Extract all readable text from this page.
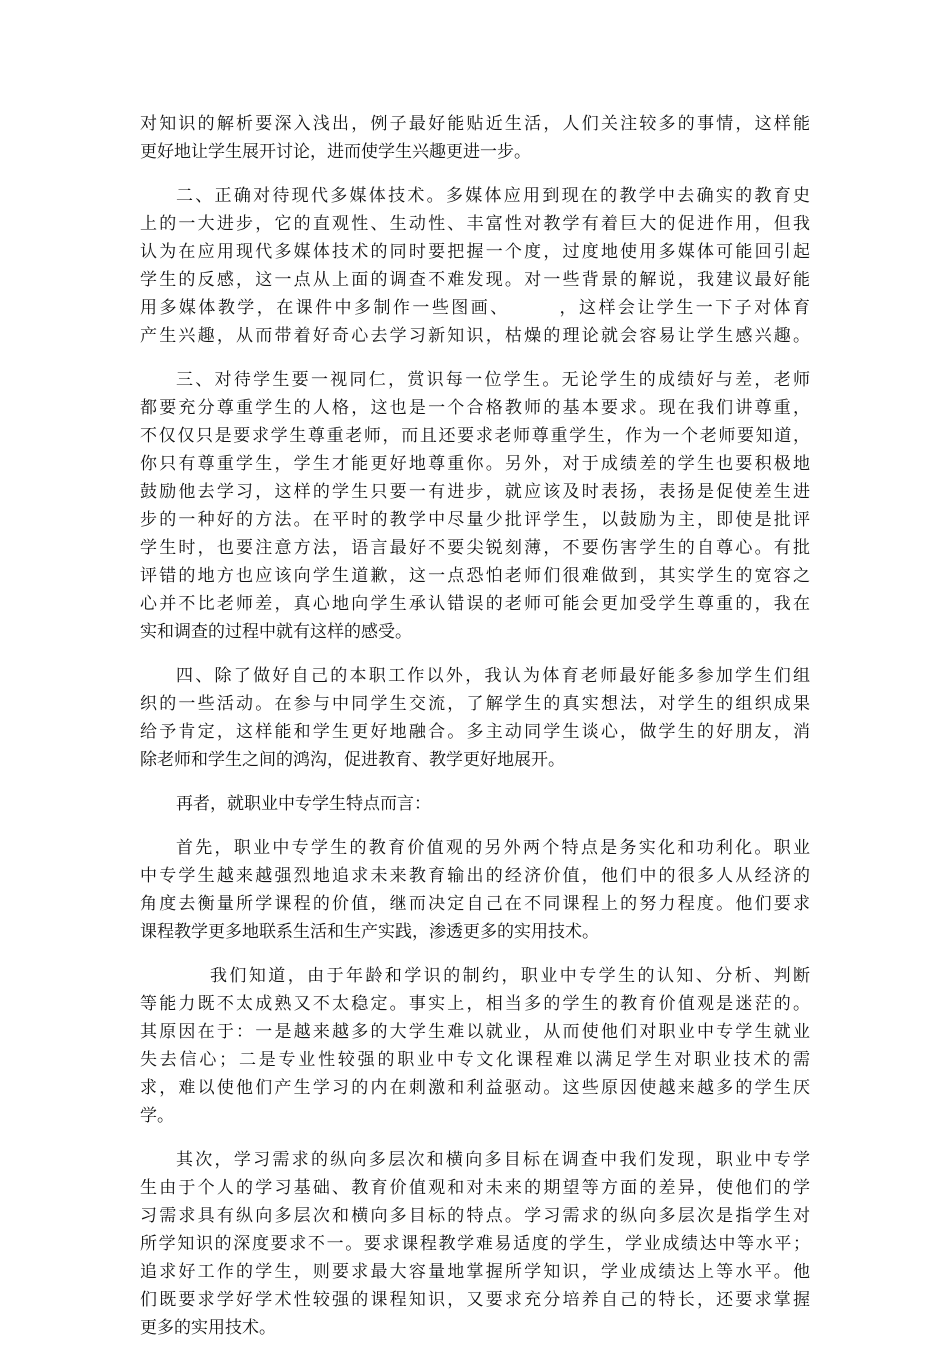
对知识的解析要深入浅出，例子最好能贴近生活，人们关注较多的事情，这样能
更好地让学生展开讨论，进而使学生兴趣更进一步。
二、正确对待现代多媒体技术。多媒体应用到现在的教学中去确实的教育史
上的一大进步，它的直观性、生动性、丰富性对教学有着巨大的促进作用，但我
认为在应用现代多媒体技术的同时要把握一个度，过度地使用多媒体可能回引起
学生的反感，这一点从上面的调查不难发现。对一些背景的解说，我建议最好能
用多媒体教学，在课件中多制作一些图画、　　　，这样会让学生一下子对体育
产生兴趣，从而带着好奇心去学习新知识，枯燥的理论就会容易让学生感兴趣。
三、对待学生要一视同仁，赏识每一位学生。无论学生的成绩好与差，老师
都要充分尊重学生的人格，这也是一个合格教师的基本要求。现在我们讲尊重，
不仅仅只是要求学生尊重老师，而且还要求老师尊重学生，作为一个老师要知道，
你只有尊重学生，学生才能更好地尊重你。另外，对于成绩差的学生也要积极地
鼓励他去学习，这样的学生只要一有进步，就应该及时表扬，表扬是促使差生进
步的一种好的方法。在平时的教学中尽量少批评学生，以鼓励为主，即使是批评
学生时，也要注意方法，语言最好不要尖锐刻薄，不要伤害学生的自尊心。有批
评错的地方也应该向学生道歉，这一点恐怕老师们很难做到，其实学生的宽容之
心并不比老师差，真心地向学生承认错误的老师可能会更加受学生尊重的，我在
实和调查的过程中就有这样的感受。
四、除了做好自己的本职工作以外，我认为体育老师最好能多参加学生们组
织的一些活动。在参与中同学生交流，了解学生的真实想法，对学生的组织成果
给予肯定，这样能和学生更好地融合。多主动同学生谈心，做学生的好朋友，消
除老师和学生之间的鸿沟，促进教育、教学更好地展开。
再者，就职业中专学生特点而言：
首先，职业中专学生的教育价值观的另外两个特点是务实化和功利化。职业
中专学生越来越强烈地追求未来教育输出的经济价值，他们中的很多人从经济的
角度去衡量所学课程的价值，继而决定自己在不同课程上的努力程度。他们要求
课程教学更多地联系生活和生产实践，渗透更多的实用技术。
我们知道，由于年龄和学识的制约，职业中专学生的认知、分析、判断
等能力既不太成熟又不太稳定。事实上，相当多的学生的教育价值观是迷茫的。
其原因在于：一是越来越多的大学生难以就业，从而使他们对职业中专学生就业
失去信心；二是专业性较强的职业中专文化课程难以满足学生对职业技术的需
求，难以使他们产生学习的内在刺激和利益驱动。这些原因使越来越多的学生厌
学。
其次，学习需求的纵向多层次和横向多目标在调查中我们发现，职业中专学
生由于个人的学习基础、教育价值观和对未来的期望等方面的差异，使他们的学
习需求具有纵向多层次和横向多目标的特点。学习需求的纵向多层次是指学生对
所学知识的深度要求不一。要求课程教学难易适度的学生，学业成绩达中等水平；
追求好工作的学生，则要求最大容量地掌握所学知识，学业成绩达上等水平。他
们既要求学好学术性较强的课程知识，又要求充分培养自己的特长，还要求掌握
更多的实用技术。
